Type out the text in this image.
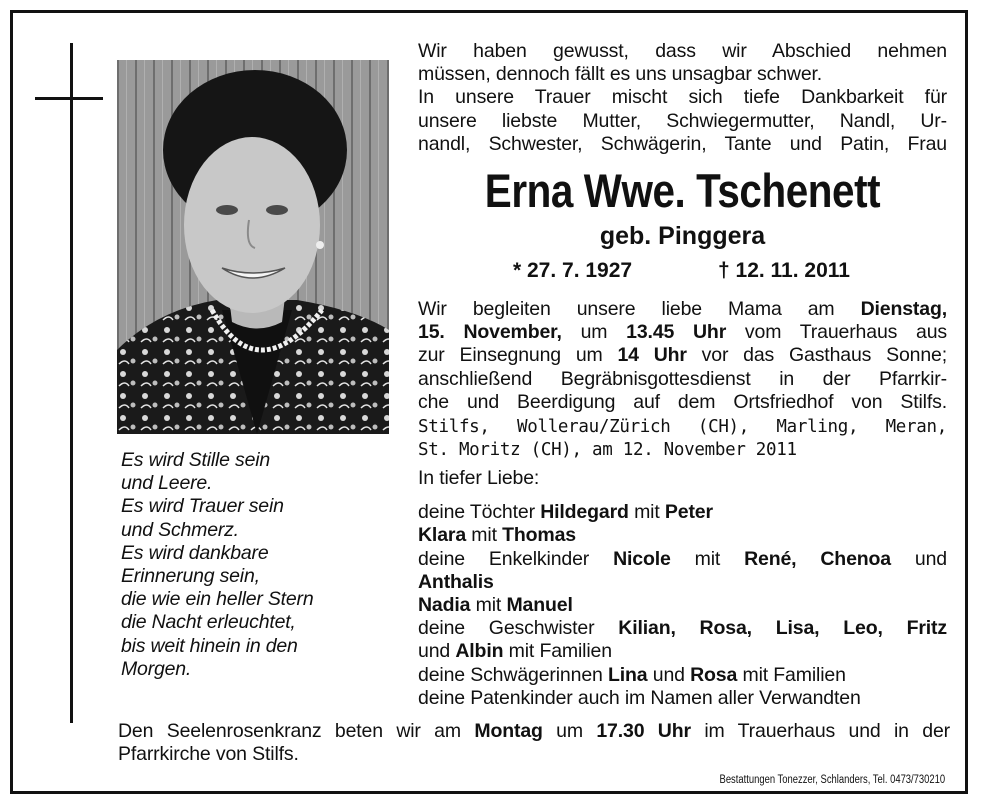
Es wird Stille sein
und Leere.
Es wird Trauer sein
und Schmerz.
Es wird dankbare
Erinnerung sein,
die wie ein heller Stern
die Nacht erleuchtet,
bis weit hinein in den
Morgen.
Wir haben gewusst, dass wir Abschied nehmen
müssen, dennoch fällt es uns unsagbar schwer.
In unsere Trauer mischt sich tiefe Dankbarkeit für
unsere liebste Mutter, Schwiegermutter, Nandl, Ur-
nandl, Schwester, Schwägerin, Tante und Patin, Frau
Erna Wwe. Tschenett
geb. Pinggera
* 27. 7. 1927	† 12. 11. 2011
Wir begleiten unsere liebe Mama am Dienstag,
15. November, um 13.45 Uhr vom Trauerhaus aus
zur Einsegnung um 14 Uhr vor das Gasthaus Sonne;
anschließend Begräbnisgottesdienst in der Pfarrkir-
che und Beerdigung auf dem Ortsfriedhof von Stilfs.
Stilfs, Wollerau/Zürich (CH), Marling, Meran,
St. Moritz (CH), am 12. November 2011
In tiefer Liebe:
deine Töchter Hildegard mit Peter
Klara mit Thomas
deine Enkelkinder Nicole mit René, Chenoa und
Anthalis
Nadia mit Manuel
deine Geschwister Kilian, Rosa, Lisa, Leo, Fritz
und Albin mit Familien
deine Schwägerinnen Lina und Rosa mit Familien
deine Patenkinder auch im Namen aller Verwandten
Den Seelenrosenkranz beten wir am Montag um 17.30 Uhr im Trauerhaus und in der
Pfarrkirche von Stilfs.
Bestattungen Tonezzer, Schlanders, Tel. 0473/730210
